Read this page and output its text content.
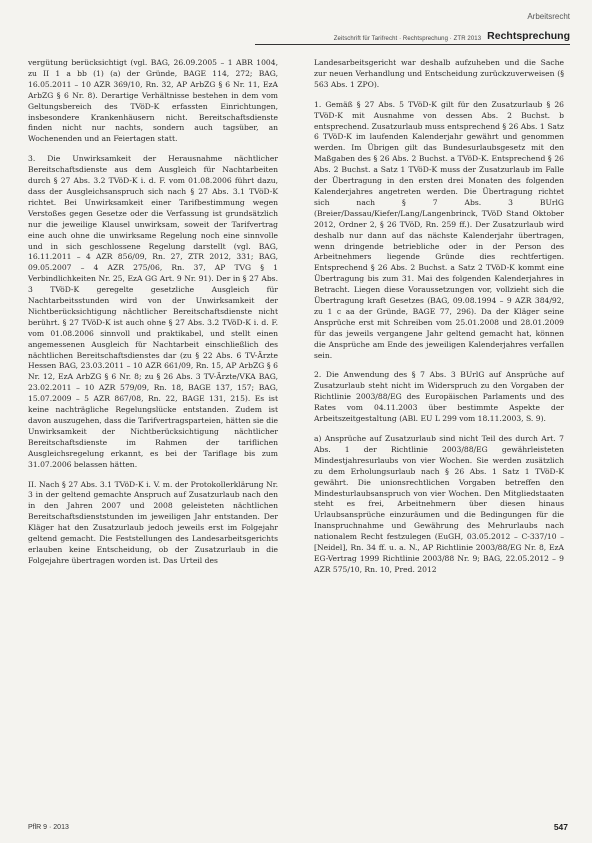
Arbeitsrecht
Zeitschrift für Tarifrecht · Rechtsprechung · ZTR 2013 Rechtsprechung

vergütung berücksichtigt (vgl. BAG, 26.09.2005 – 1 ABR 1004, zu II 1 a bb (1) (a) der Gründe, BAGE 114, 272; BAG, 16.05.2011 – 10 AZR 369/10, Rn. 32, AP ArbZG § 6 Nr. 11, EzA ArbZG § 6 Nr. 8). Derartige Verhältnisse bestehen in dem vom Geltungsbereich des TVöD-K erfassten Einrichtungen, insbesondere Krankenhäusern nicht. Bereitschaftsdienste finden nicht nur nachts, sondern auch tagsüber, an Wochenenden und an Feiertagen statt.

3. Die Unwirksamkeit der Herausnahme nächtlicher Bereitschaftsdienste aus dem Ausgleich für Nachtarbeiten durch § 27 Abs. 3.2 TVöD-K i. d. F. vom 01.08.2006 führt dazu, dass der Ausgleichsanspruch sich nach § 27 Abs. 3.1 TVöD-K richtet. Bei Unwirksamkeit einer Tarifbestimmung wegen Verstoßes gegen Gesetze oder die Verfassung ist grundsätzlich nur die jeweilige Klausel unwirksam, soweit der Tarifvertrag eine auch ohne die unwirksame Regelung noch eine sinnvolle und in sich geschlossene Regelung darstellt (vgl. BAG, 16.11.2011 – 4 AZR 856/09, Rn. 27, ZTR 2012, 331; BAG, 09.05.2007 – 4 AZR 275/06, Rn. 37, AP TVG § 1 Verbindlichkeiten Nr. 25, EzA GG Art. 9 Nr. 91). Der in § 27 Abs. 3 TVöD-K geregelte gesetzliche Ausgleich für Nachtarbeitsstunden wird von der Unwirksamkeit der Nichtberücksichtigung nächtlicher Bereitschaftsdienste nicht berührt. § 27 TVöD-K ist auch ohne § 27 Abs. 3.2 TVöD-K i. d. F. vom 01.08.2006 sinnvoll und praktikabel, und stellt einen angemessenen Ausgleich für Nachtarbeit einschließlich des nächtlichen Bereitschaftsdienstes dar (zu § 22 Abs. 6 TV-Ärzte Hessen BAG, 23.03.2011 – 10 AZR 661/09, Rn. 15, AP ArbZG § 6 Nr. 12, EzA ArbZG § 6 Nr. 8; zu § 26 Abs. 3 TV-Ärzte/VKA BAG, 23.02.2011 – 10 AZR 579/09, Rn. 18, BAGE 137, 157; BAG, 15.07.2009 – 5 AZR 867/08, Rn. 22, BAGE 131, 215). Es ist keine nachträgliche Regelungslücke entstanden. Zudem ist davon auszugehen, dass die Tarifvertragsparteien, hätten sie die Unwirksamkeit der Nichtberücksichtigung nächtlicher Bereitschaftsdienste im Rahmen der tariflichen Ausgleichsregelung erkannt, es bei der Tariflage bis zum 31.07.2006 belassen hätten.

II. Nach § 27 Abs. 3.1 TVöD-K i. V. m. der Protokollerklärung Nr. 3 in der geltend gemachte Anspruch auf Zusatzurlaub nach den in den Jahren 2007 und 2008 geleisteten nächtlichen Bereitschaftsdienststunden im jeweiligen Jahr entstanden. Der Kläger hat den Zusatzurlaub jedoch jeweils erst im Folgejahr geltend gemacht. Die Feststellungen des Landesarbeitsgerichts erlauben keine Entscheidung, ob der Zusatzurlaub in die Folgejahre übertragen worden ist. Das Urteil des

Landesarbeitsgericht war deshalb aufzuheben und die Sache zur neuen Verhandlung und Entscheidung zurückzuverweisen (§ 563 Abs. 1 ZPO).

1. Gemäß § 27 Abs. 5 TVöD-K gilt für den Zusatzurlaub § 26 TVöD-K mit Ausnahme von dessen Abs. 2 Buchst. b entsprechend. Zusatzurlaub muss entsprechend § 26 Abs. 1 Satz 6 TVöD-K im laufenden Kalenderjahr gewährt und genommen werden. Im Übrigen gilt das Bundesurlaubsgesetz mit den Maßgaben des § 26 Abs. 2 Buchst. a TVöD-K. Entsprechend § 26 Abs. 2 Buchst. a Satz 1 TVöD-K muss der Zusatzurlaub im Falle der Übertragung in den ersten drei Monaten des folgenden Kalenderjahres angetreten werden. Die Übertragung richtet sich nach § 7 Abs. 3 BUrlG (Breier/Dassau/Kiefer/Lang/Langenbrinck, TVöD Stand Oktober 2012, Ordner 2, § 26 TVöD, Rn. 259 ff.). Der Zusatzurlaub wird deshalb nur dann auf das nächste Kalenderjahr übertragen, wenn dringende betriebliche oder in der Person des Arbeitnehmers liegende Gründe dies rechtfertigen. Entsprechend § 26 Abs. 2 Buchst. a Satz 2 TVöD-K kommt eine Übertragung bis zum 31. Mai des folgenden Kalenderjahres in Betracht. Liegen diese Voraussetzungen vor, vollzieht sich die Übertragung kraft Gesetzes (BAG, 09.08.1994 – 9 AZR 384/92, zu 1 c aa der Gründe, BAGE 77, 296). Da der Kläger seine Ansprüche erst mit Schreiben vom 25.01.2008 und 28.01.2009 für das jeweils vergangene Jahr geltend gemacht hat, können die Ansprüche am Ende des jeweiligen Kalenderjahres verfallen sein.

2. Die Anwendung des § 7 Abs. 3 BUrlG auf Ansprüche auf Zusatzurlaub steht nicht im Widerspruch zu den Vorgaben der Richtlinie 2003/88/EG des Europäischen Parlaments und des Rates vom 04.11.2003 über bestimmte Aspekte der Arbeitszeitgestaltung (ABl. EU L 299 vom 18.11.2003, S. 9).

a) Ansprüche auf Zusatzurlaub sind nicht Teil des durch Art. 7 Abs. 1 der Richtlinie 2003/88/EG gewährleisteten Mindestjahresurlaubs von vier Wochen. Sie werden zusätzlich zu dem Erholungsurlaub nach § 26 Abs. 1 Satz 1 TVöD-K gewährt. Die unionsrechtlichen Vorgaben betreffen den Mindesturlaubsanspruch von vier Wochen. Den Mitgliedstaaten steht es frei, Arbeitnehmern über diesen hinaus Urlaubsansprüche einzuräumen und die Bedingungen für die Inanspruchnahme und Gewährung des Mehrurlaubs nach nationalem Recht festzulegen (EuGH, 03.05.2012 – C-337/10 – [Neidel], Rn. 34 ff. u. a. N., AP Richtlinie 2003/88/EG Nr. 8, EzA EG-Vertrag 1999 Richtlinie 2003/88 Nr. 9; BAG, 22.05.2012 – 9 AZR 575/10, Rn. 10, Pred. 2012

PflR 9 · 2013	547
